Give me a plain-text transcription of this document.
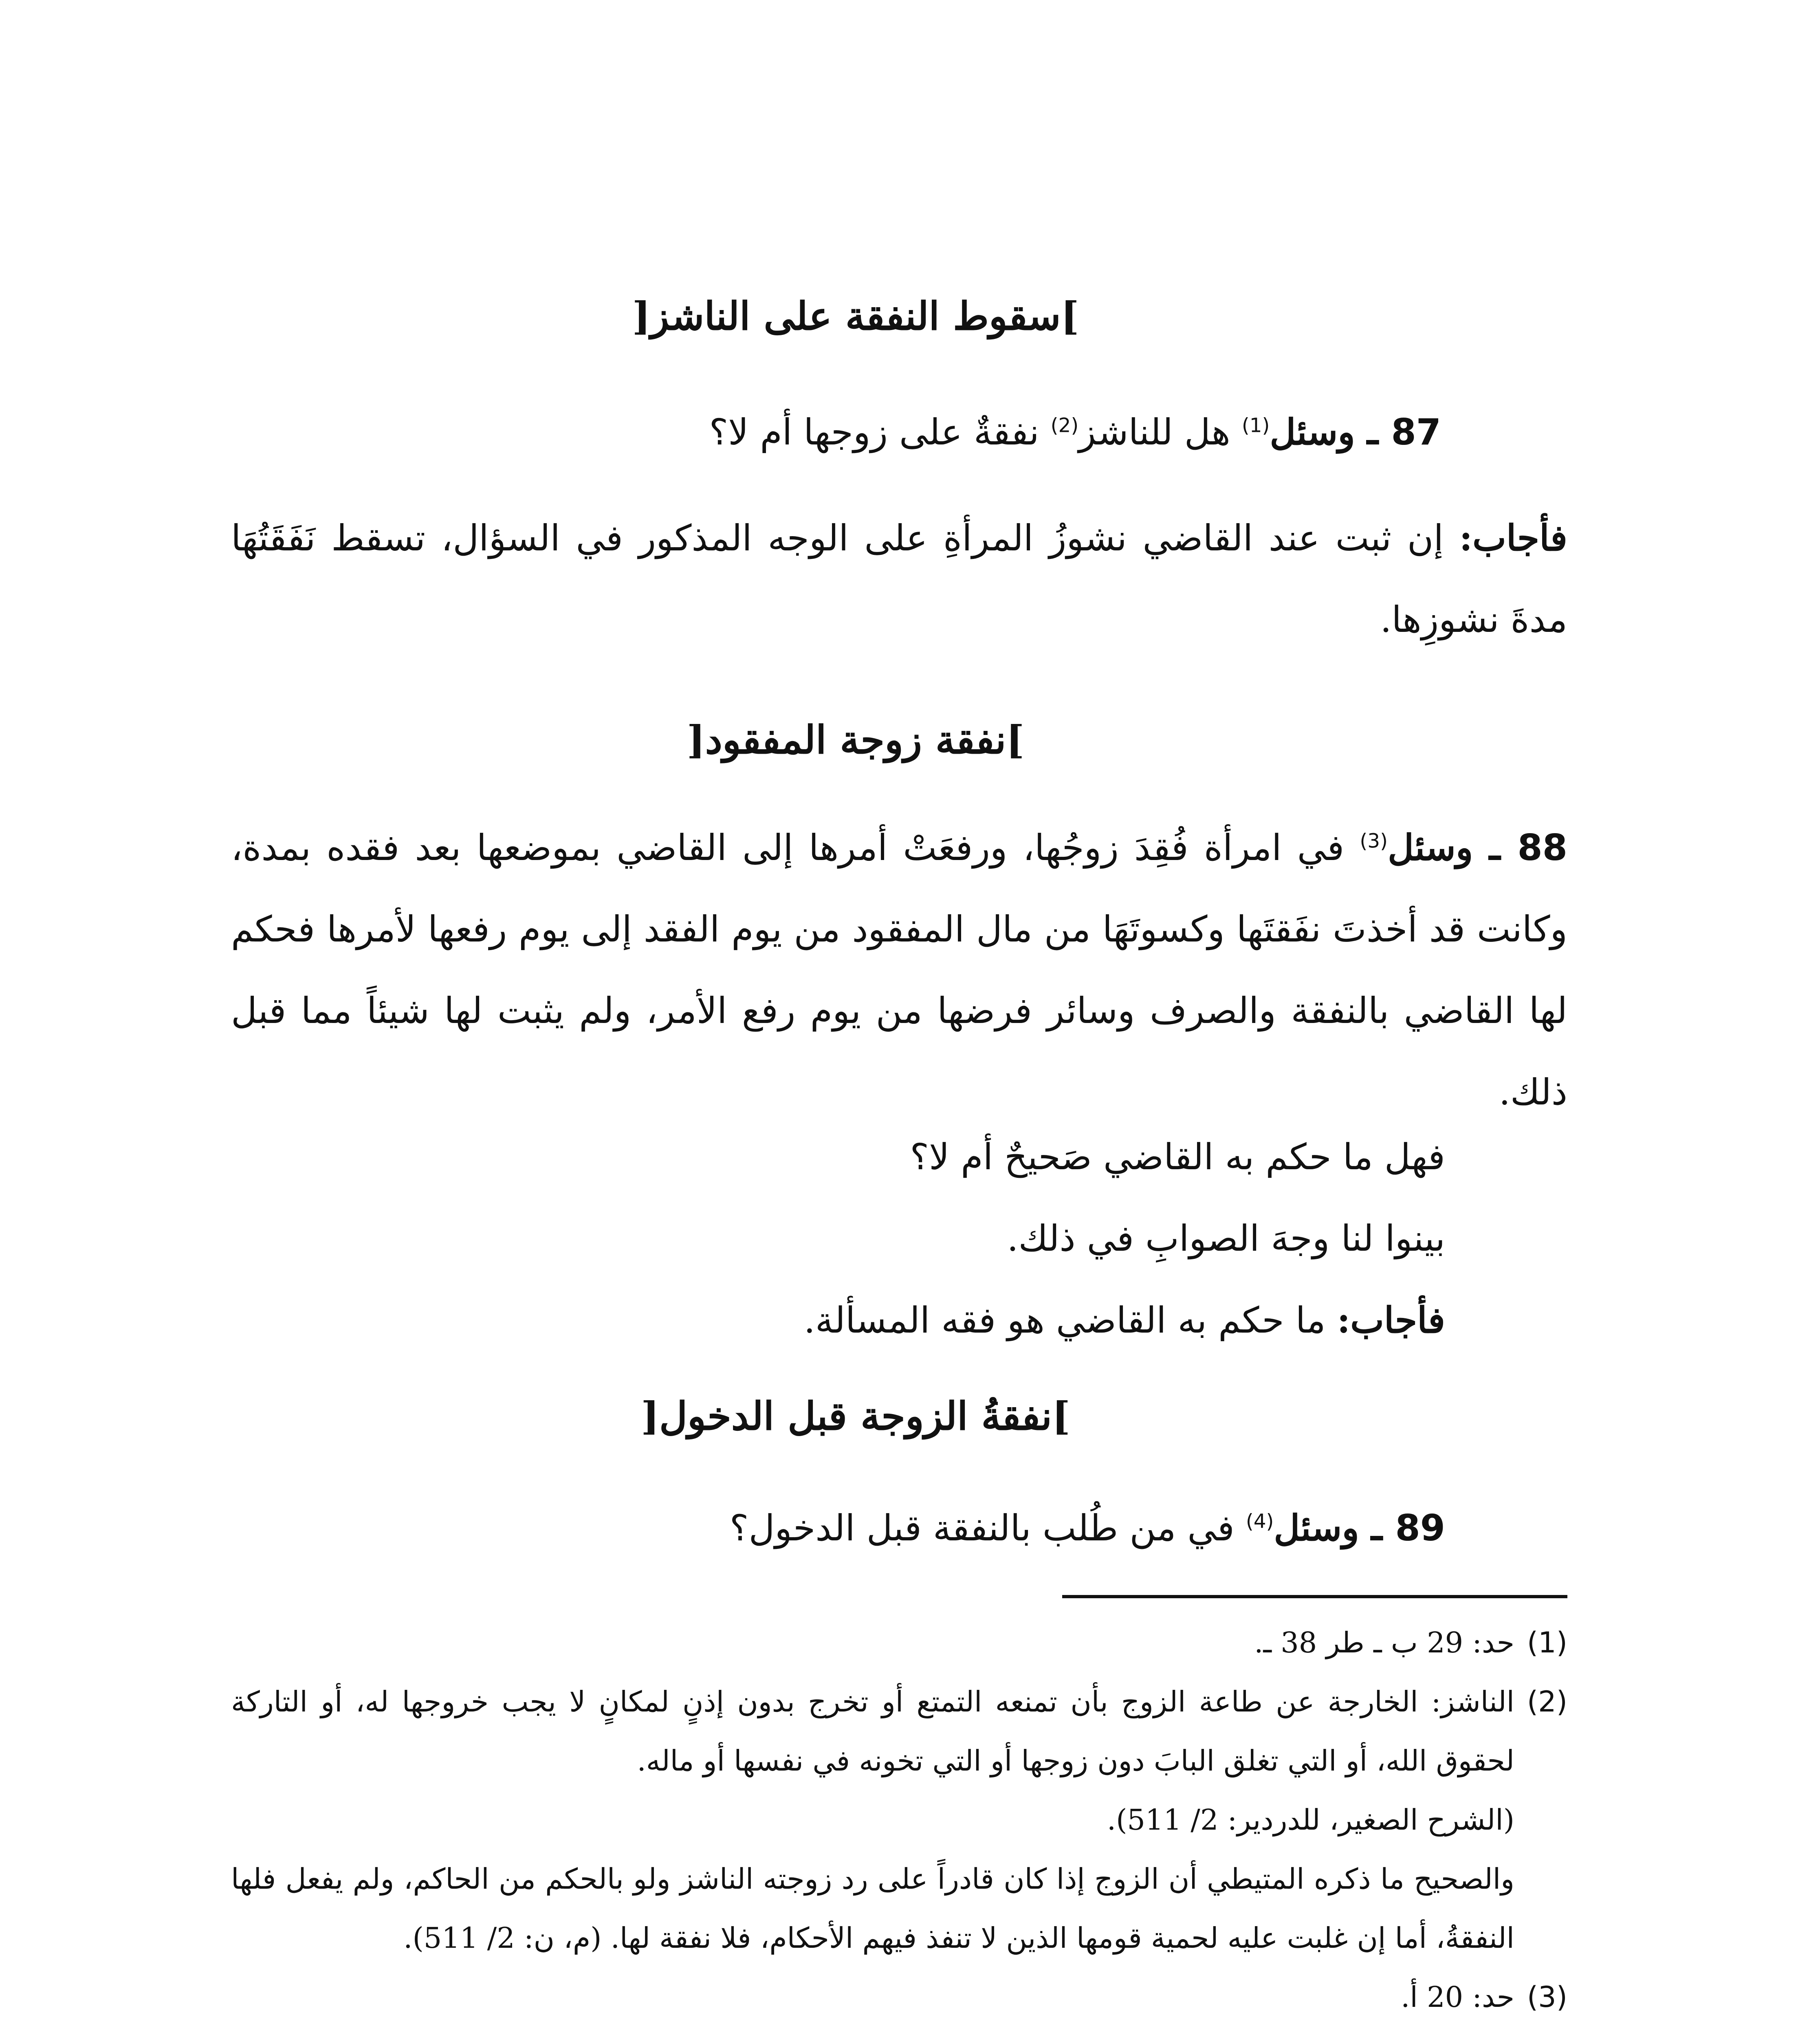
]سقوط النفقة على الناشز[
87 ـ وسئل$^{(1)}$ هل للناشز$^{(2)}$ نفقةٌ على زوجها أم لا؟
فأجاب: إن ثبت عند القاضي نشوزُ المرأةِ على الوجه المذكور في السؤال، تسقط نَفَقَتُهَا مدةَ نشوزِها.
]نفقة زوجة المفقود[
88 ـ وسئل$^{(3)}$ في امرأة فُقِدَ زوجُها، ورفعَتْ أمرها إلى القاضي بموضعها بعد فقده بمدة، وكانت قد أخذتَ نفَقتَها وكسوتَهَا من مال المفقود من يوم الفقد إلى يوم رفعها لأمرها فحكم لها القاضي بالنفقة والصرف وسائر فرضها من يوم رفع الأمر، ولم يثبت لها شيئاً مما قبل ذلك.
فهل ما حكم به القاضي صَحيحٌ أم لا؟
بينوا لنا وجهَ الصوابِ في ذلك.
فأجاب: ما حكم به القاضي هو فقه المسألة.
]نفقةُ الزوجة قبل الدخول[
89 ـ وسئل$^{(4)}$ في من طُلب بالنفقة قبل الدخول؟
(1)

حد: 29 ب ـ طر 38 ـ.

(2)

الناشز: الخارجة عن طاعة الزوج بأن تمنعه التمتع أو تخرج بدون إذنٍ لمكانٍ لا يجب خروجها له، أو التاركة لحقوق الله، أو التي تغلق البابَ دون زوجها أو التي تخونه في نفسها أو ماله.

(الشرح الصغير، للدردير: 2/ 511).

والصحيح ما ذكره المتيطي أن الزوج إذا كان قادراً على رد زوجته الناشز ولو بالحكم من الحاكم، ولم يفعل فلها النفقةُ، أما إن غلبت عليه لحمية قومها الذين لا تنفذ فيهم الأحكام، فلا نفقة لها. (م، ن: 2/ 511).

(3)

حد: 20 أ.
